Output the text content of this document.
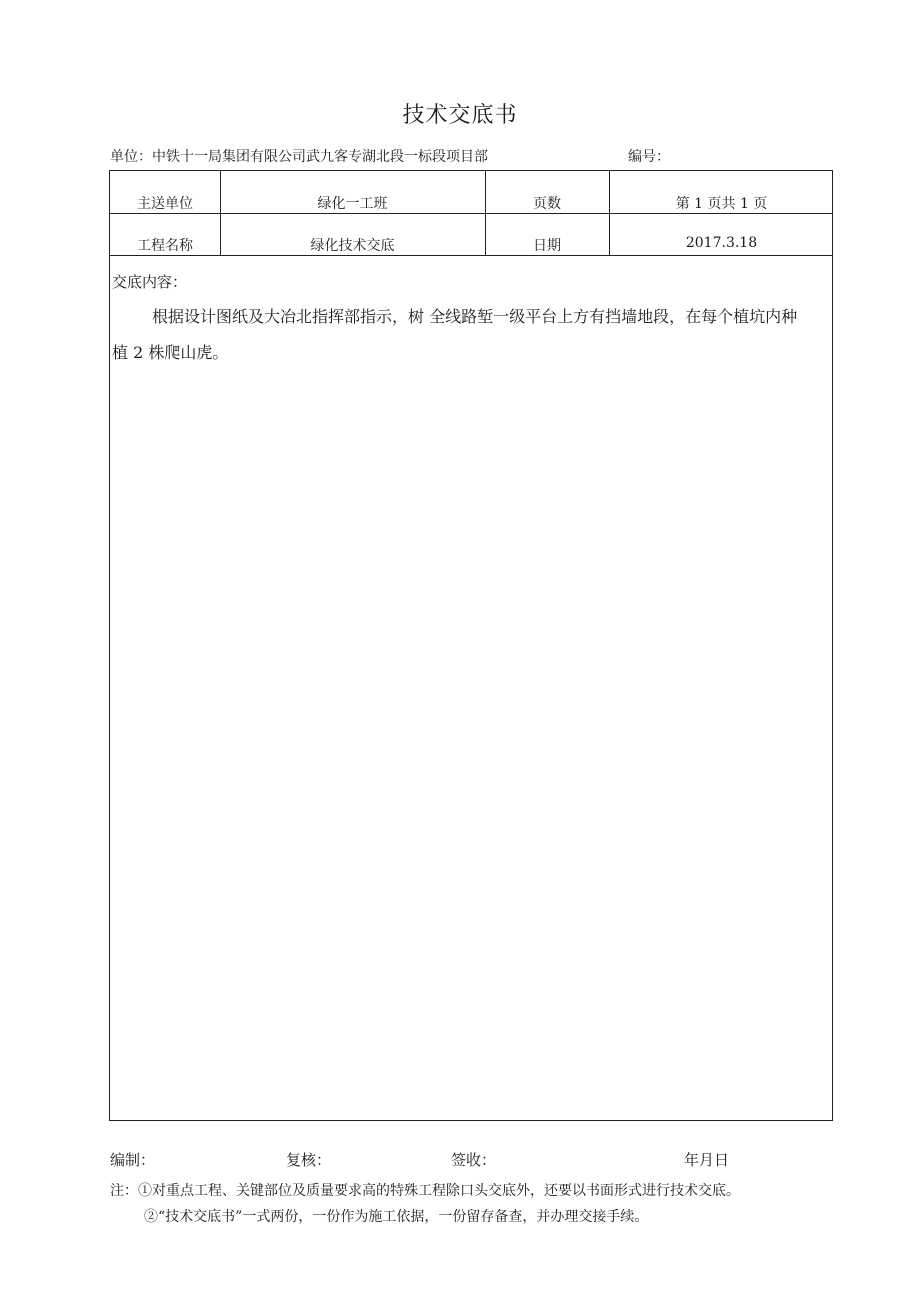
技术交底书
单位：中铁十一局集团有限公司武九客专湖北段一标段项目部	编号：
主送单位	绿化一工班	页数	第 1 页共 1 页
工程名称	绿化技术交底	日期	2017.3.18
交底内容：
根据设计图纸及大冶北指挥部指示，树 全线路堑一级平台上方有挡墙地段，在每个植坑内种植 2 株爬山虎。
编制：	复核：	签收：	年月日
注：①对重点工程、关键部位及质量要求高的特殊工程除口头交底外，还要以书面形式进行技术交底。
②“技术交底书”一式两份，一份作为施工依据，一份留存备查，并办理交接手续。
